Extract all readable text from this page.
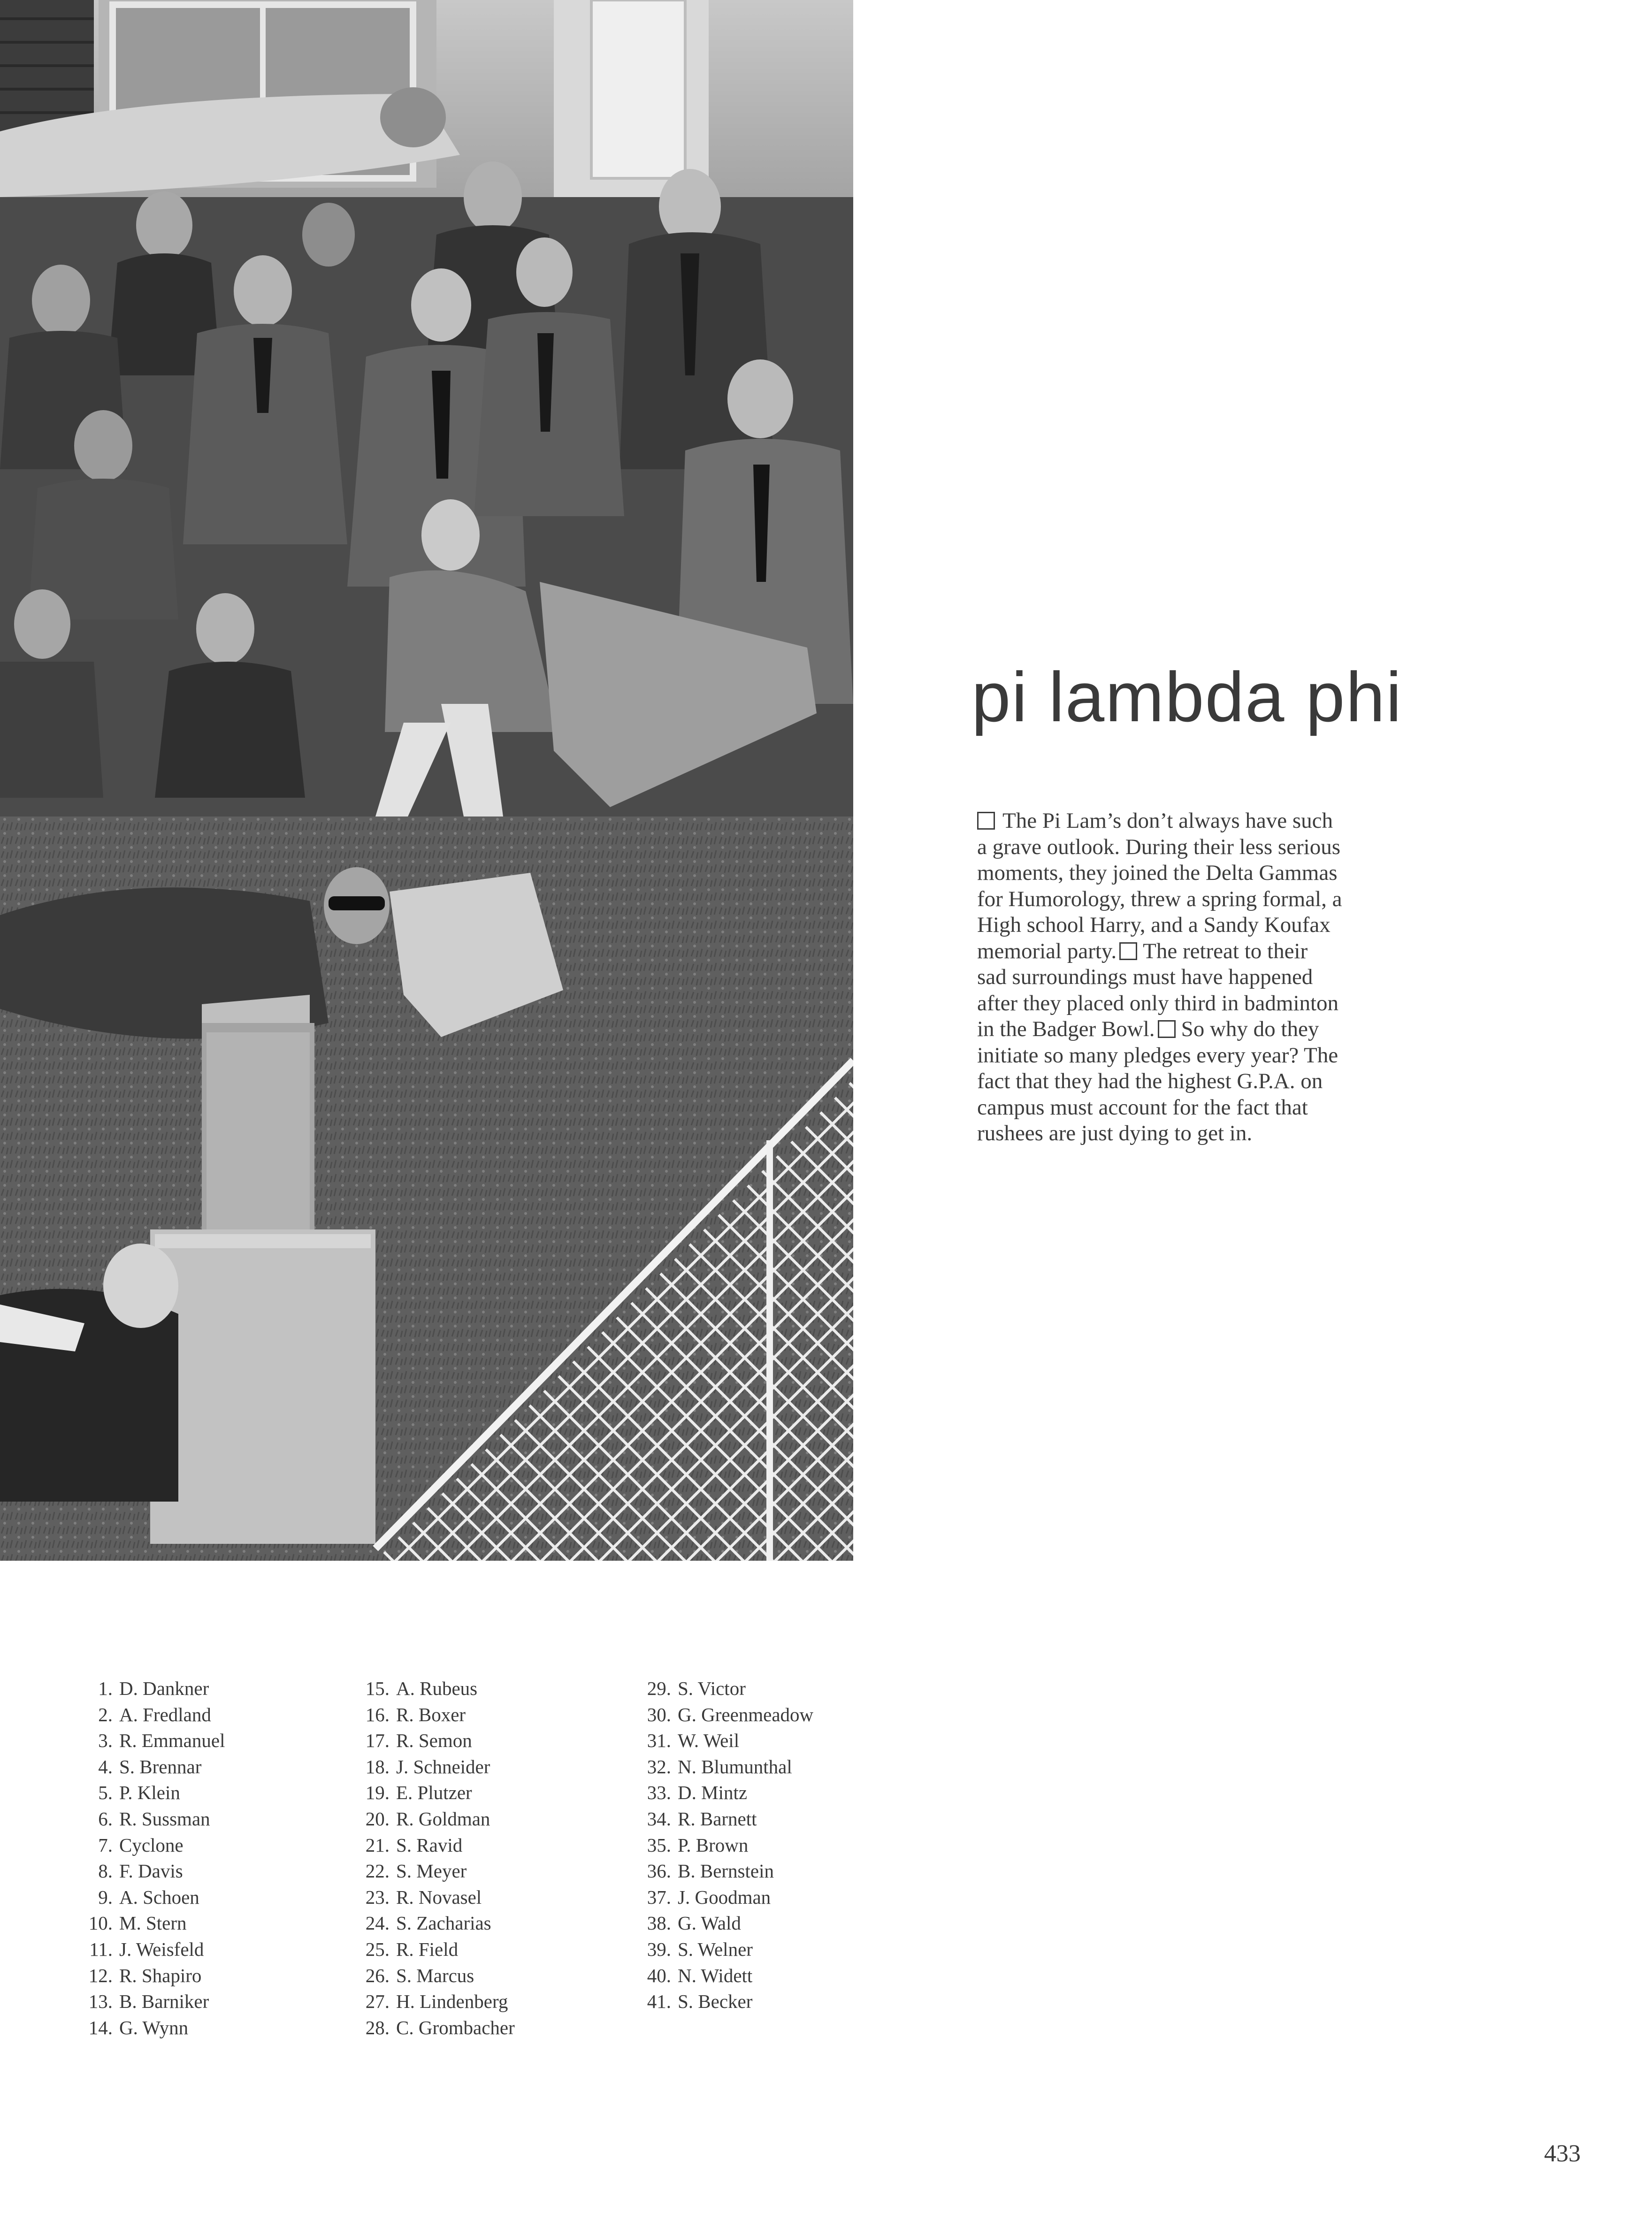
pi lambda phi
The Pi Lam’s don’t always have such
a grave outlook. During their less serious
moments, they joined the Delta Gammas
for Humorology, threw a spring formal, a
High school Harry, and a Sandy Koufax
memorial party. The retreat to their
sad surroundings must have happened
after they placed only third in badminton
in the Badger Bowl. So why do they
initiate so many pledges every year? The
fact that they had the highest G.P.A. on
campus must account for the fact that
rushees are just dying to get in.
1. D. Dankner
2. A. Fredland
3. R. Emmanuel
4. S. Brennar
5. P. Klein
6. R. Sussman
7. Cyclone
8. F. Davis
9. A. Schoen
10. M. Stern
11. J. Weisfeld
12. R. Shapiro
13. B. Barniker
14. G. Wynn
15. A. Rubeus
16. R. Boxer
17. R. Semon
18. J. Schneider
19. E. Plutzer
20. R. Goldman
21. S. Ravid
22. S. Meyer
23. R. Novasel
24. S. Zacharias
25. R. Field
26. S. Marcus
27. H. Lindenberg
28. C. Grombacher
29. S. Victor
30. G. Greenmeadow
31. W. Weil
32. N. Blumunthal
33. D. Mintz
34. R. Barnett
35. P. Brown
36. B. Bernstein
37. J. Goodman
38. G. Wald
39. S. Welner
40. N. Widett
41. S. Becker
433
